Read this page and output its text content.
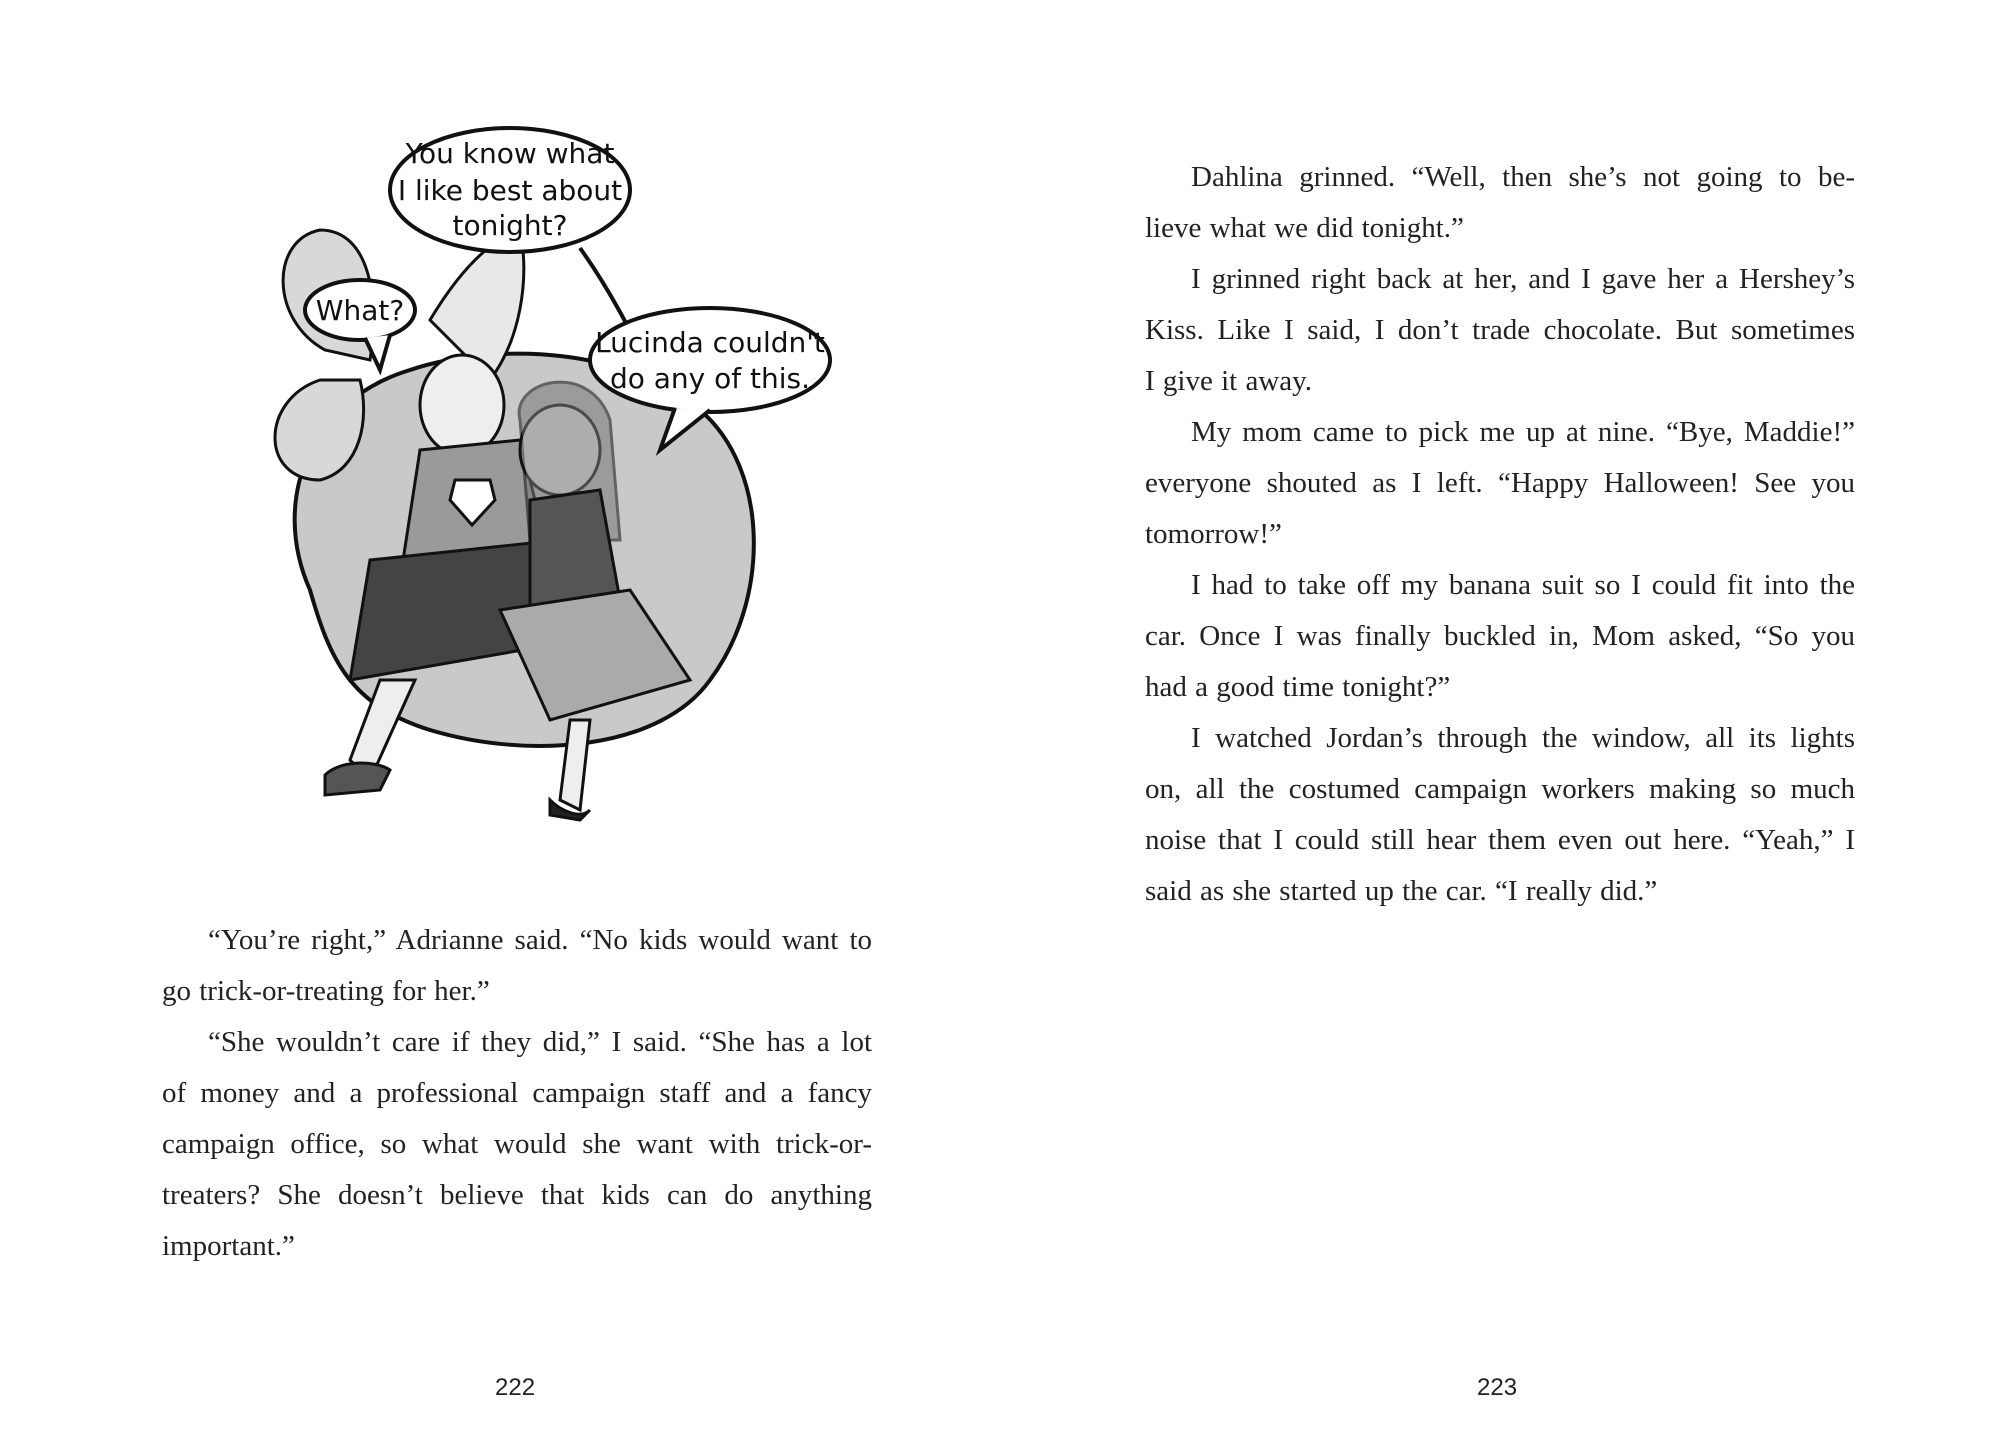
You know what
I like best about
tonight?
What?
Lucinda couldn't
do any of this.

“You’re right,” Adrianne said. “No kids would want to
go trick-or-treating for her.”

“She wouldn’t care if they did,” I said. “She has a lot
of money and a professional campaign staff and a fancy
campaign office, so what would she want with trick-or-
treaters? She doesn’t believe that kids can do anything
important.”

222

Dahlina grinned. “Well, then she’s not going to be-
lieve what we did tonight.”

I grinned right back at her, and I gave her a Hershey’s
Kiss. Like I said, I don’t trade chocolate. But sometimes
I give it away.

My mom came to pick me up at nine. “Bye, Maddie!”
everyone shouted as I left. “Happy Halloween! See you
tomorrow!”

I had to take off my banana suit so I could fit into the
car. Once I was finally buckled in, Mom asked, “So you
had a good time tonight?”

I watched Jordan’s through the window, all its lights
on, all the costumed campaign workers making so much
noise that I could still hear them even out here. “Yeah,” I
said as she started up the car. “I really did.”

223
